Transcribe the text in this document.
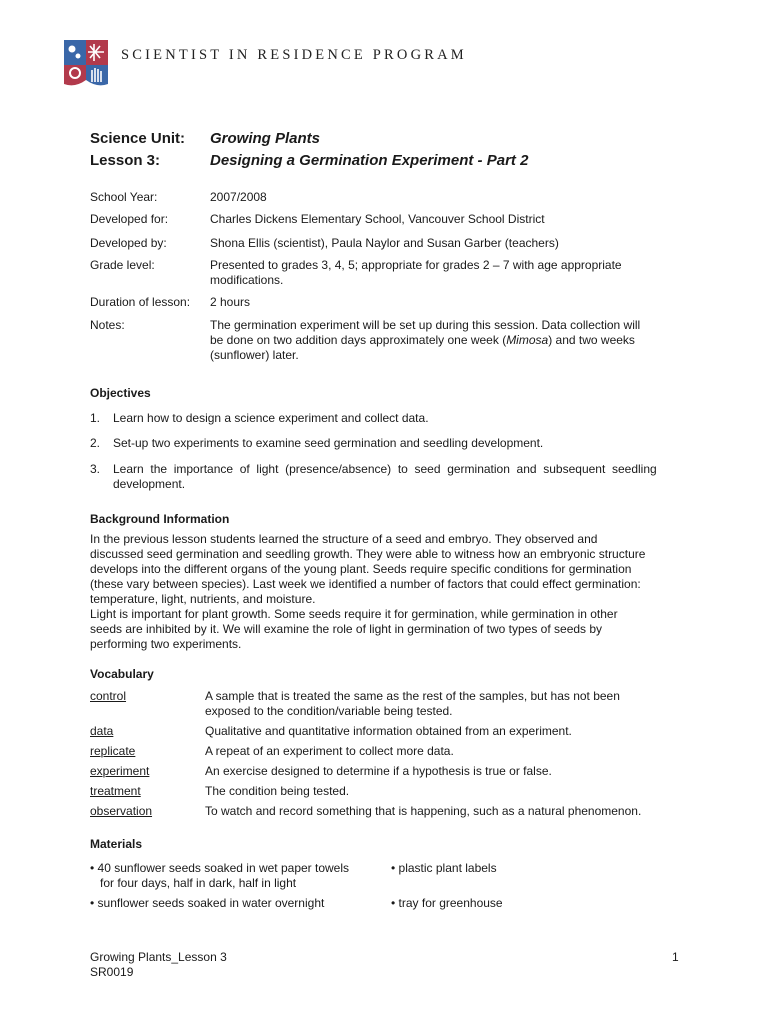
SCIENTIST IN RESIDENCE PROGRAM
Science Unit:	Growing Plants
Lesson 3:	Designing a Germination Experiment - Part 2
School Year:	2007/2008
Developed for:	Charles Dickens Elementary School, Vancouver School District
Developed by:	Shona Ellis (scientist), Paula Naylor and Susan Garber (teachers)
Grade level:	Presented to grades 3, 4, 5; appropriate for grades 2 – 7 with age appropriate
modifications.
Duration of lesson:	2 hours
Notes:	The germination experiment will be set up during this session. Data collection will
be done on two addition days approximately one week (Mimosa) and two weeks
(sunflower) later.
Objectives
1. Learn how to design a science experiment and collect data.
2. Set-up two experiments to examine seed germination and seedling development.
3. Learn  the  importance  of  light  (presence/absence)  to  seed  germination  and  subsequent  seedling
development.
Background Information
In the previous lesson students learned the structure of a seed and embryo. They observed and
discussed seed germination and seedling growth. They were able to witness how an embryonic structure
develops into the different organs of the young plant. Seeds require specific conditions for germination
(these vary between species). Last week we identified a number of factors that could effect germination:
temperature, light, nutrients, and moisture.
Light is important for plant growth. Some seeds require it for germination, while germination in other
seeds are inhibited by it. We will examine the role of light in germination of two types of seeds by
performing two experiments.
Vocabulary
control	A sample that is treated the same as the rest of the samples, but has not been
exposed to the condition/variable being tested.
data	Qualitative and quantitative information obtained from an experiment.
replicate	A repeat of an experiment to collect more data.
experiment	An exercise designed to determine if a hypothesis is true or false.
treatment	The condition being tested.
observation	To watch and record something that is happening, such as a natural phenomenon.
Materials
• 40 sunflower seeds soaked in wet paper towels
for four days, half in dark, half in light
• sunflower seeds soaked in water overnight
• plastic plant labels
• tray for greenhouse
Growing Plants_Lesson 3
SR0019
1
